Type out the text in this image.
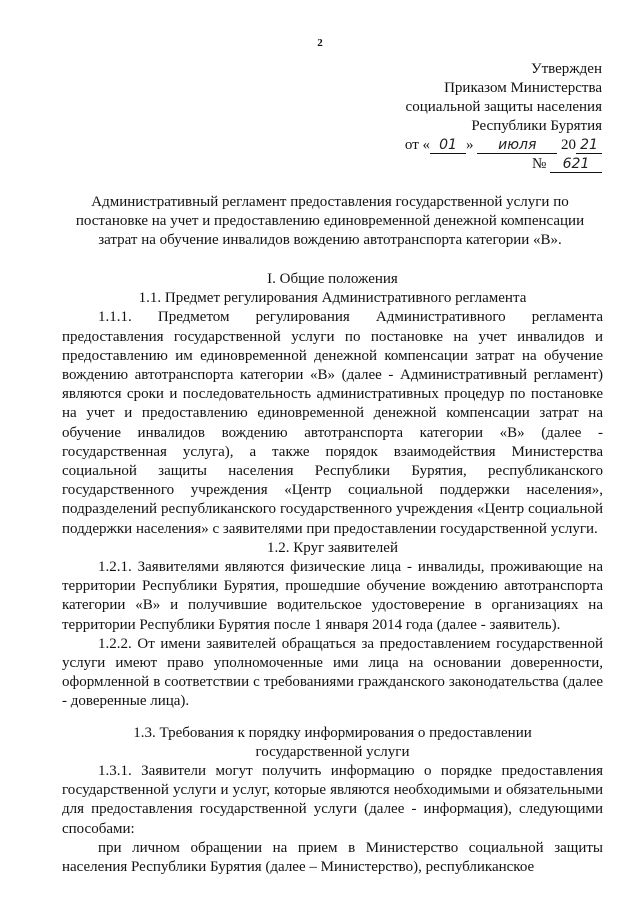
2
Утвержден
Приказом Министерства
социальной защиты населения
Республики Бурятия
от « 01 » июля 20 21
№ 621
Административный регламент предоставления государственной услуги по постановке на учет и предоставлению единовременной денежной компенсации затрат на обучение инвалидов вождению автотранспорта категории «В».

I. Общие положения

1.1. Предмет регулирования Административного регламента

1.1.1. Предметом регулирования Административного регламента предоставления государственной услуги по постановке на учет инвалидов и предоставлению им единовременной денежной компенсации затрат на обучение вождению автотранспорта категории «В» (далее - Административный регламент) являются сроки и последовательность административных процедур по постановке на учет и предоставлению единовременной денежной компенсации затрат на обучение инвалидов вождению автотранспорта категории «В» (далее - государственная услуга), а также порядок взаимодействия Министерства социальной защиты населения Республики Бурятия, республиканского государственного учреждения «Центр социальной поддержки населения», подразделений республиканского государственного учреждения «Центр социальной поддержки населения» с заявителями при предоставлении государственной услуги.

1.2. Круг заявителей

1.2.1. Заявителями являются физические лица - инвалиды, проживающие на территории Республики Бурятия, прошедшие обучение вождению автотранспорта категории «В» и получившие водительское удостоверение в организациях на территории Республики Бурятия после 1 января 2014 года (далее - заявитель).

1.2.2. От имени заявителей обращаться за предоставлением государственной услуги имеют право уполномоченные ими лица на основании доверенности, оформленной в соответствии с требованиями гражданского законодательства (далее - доверенные лица).

1.3. Требования к порядку информирования о предоставлении

государственной услуги

1.3.1. Заявители могут получить информацию о порядке предоставления государственной услуги и услуг, которые являются необходимыми и обязательными для предоставления государственной услуги (далее - информация), следующими способами:

при личном обращении на прием в Министерство социальной защиты населения Республики Бурятия (далее – Министерство), республиканское
